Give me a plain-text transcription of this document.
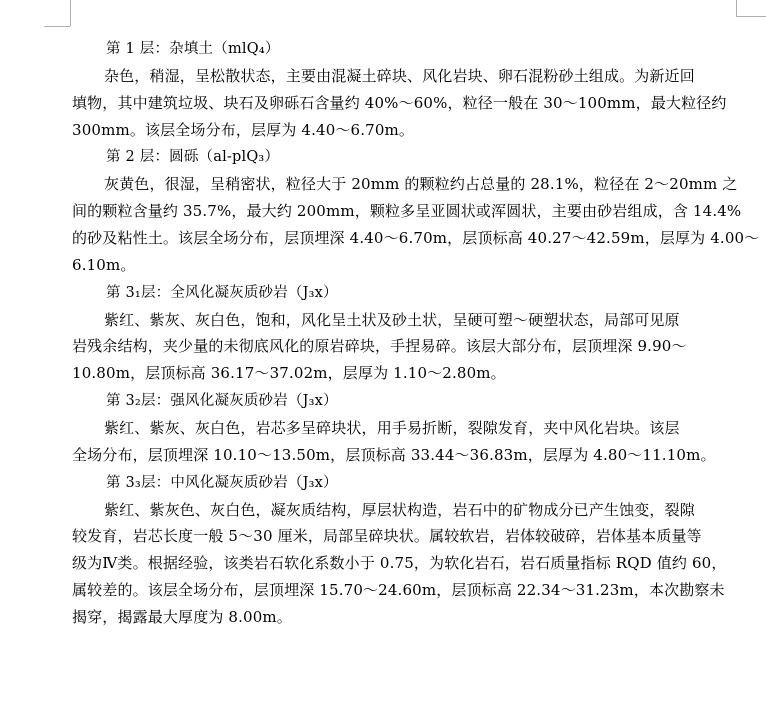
第 1 层：杂填土（mlQ₄）

杂色，稍湿，呈松散状态，主要由混凝土碎块、风化岩块、卵石混粉砂土组成。为新近回
填物，其中建筑垃圾、块石及卵砾石含量约 40%～60%，粒径一般在 30～100mm，最大粒径约
300mm。该层全场分布，层厚为 4.40～6.70m。

第 2 层：圆砾（al-plQ₃）

灰黄色，很湿，呈稍密状，粒径大于 20mm 的颗粒约占总量的 28.1%，粒径在 2～20mm 之
间的颗粒含量约 35.7%，最大约 200mm，颗粒多呈亚圆状或浑圆状，主要由砂岩组成，含 14.4%
的砂及粘性土。该层全场分布，层顶埋深 4.40～6.70m，层顶标高 40.27～42.59m，层厚为 4.00～
6.10m。

第 3₁层：全风化凝灰质砂岩（J₃x）

紫红、紫灰、灰白色，饱和，风化呈土状及砂土状，呈硬可塑～硬塑状态，局部可见原
岩残余结构，夹少量的未彻底风化的原岩碎块，手捏易碎。该层大部分布，层顶埋深 9.90～
10.80m，层顶标高 36.17～37.02m，层厚为 1.10～2.80m。

第 3₂层：强风化凝灰质砂岩（J₃x）

紫红、紫灰、灰白色，岩芯多呈碎块状，用手易折断，裂隙发育，夹中风化岩块。该层
全场分布，层顶埋深 10.10～13.50m，层顶标高 33.44～36.83m，层厚为 4.80～11.10m。

第 3₃层：中风化凝灰质砂岩（J₃x）

紫红、紫灰色、灰白色，凝灰质结构，厚层状构造，岩石中的矿物成分已产生蚀变，裂隙
较发育，岩芯长度一般 5～30 厘米，局部呈碎块状。属较软岩，岩体较破碎，岩体基本质量等
级为Ⅳ类。根据经验，该类岩石软化系数小于 0.75，为软化岩石，岩石质量指标 RQD 值约 60，
属较差的。该层全场分布，层顶埋深 15.70～24.60m，层顶标高 22.34～31.23m，本次勘察未
揭穿，揭露最大厚度为 8.00m。
